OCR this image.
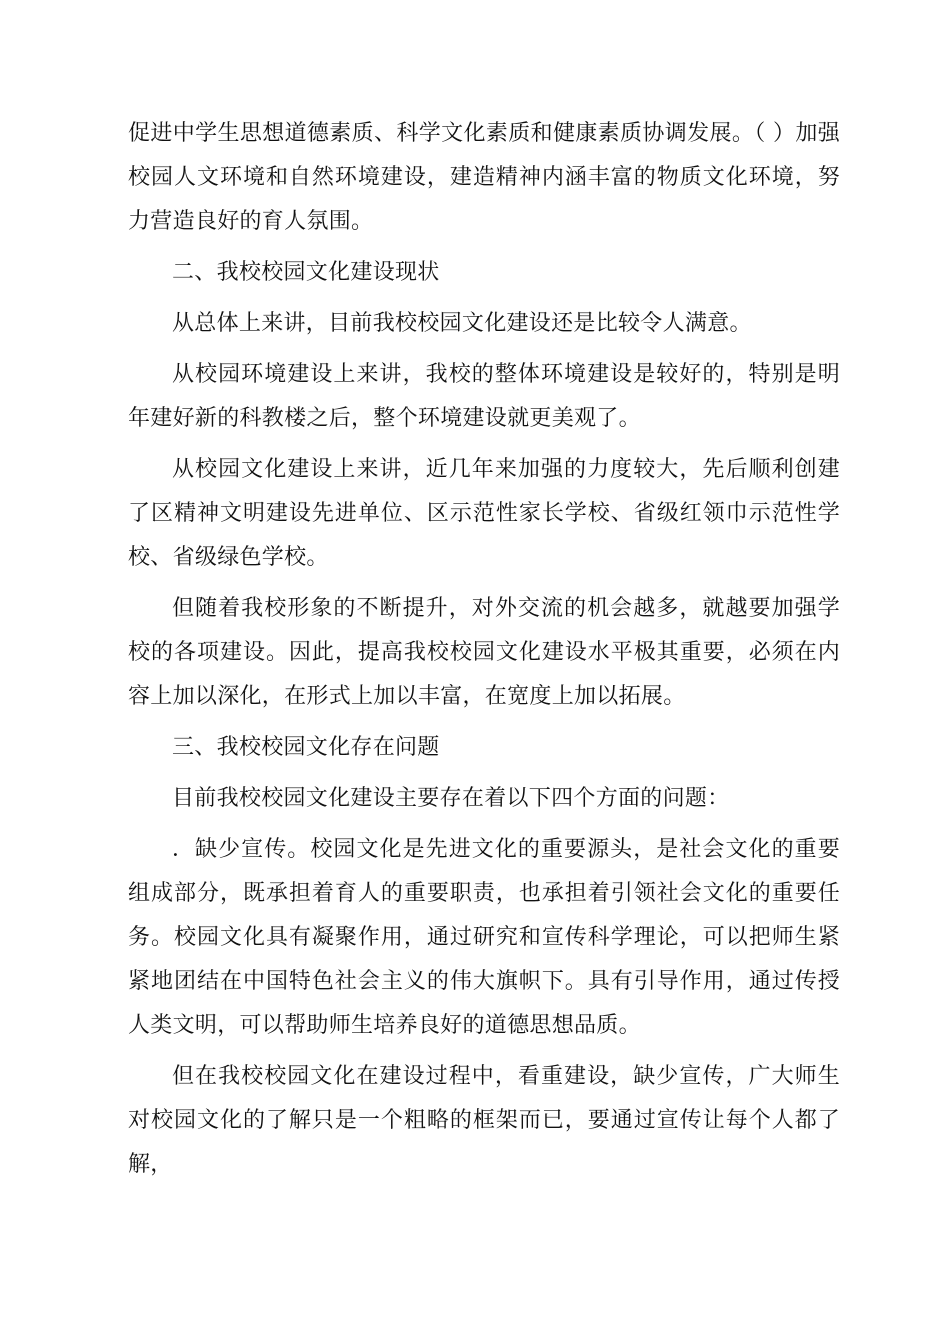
促进中学生思想道德素质、科学文化素质和健康素质协调发展。（ ）加强校园人文环境和自然环境建设，建造精神内涵丰富的物质文化环境，努力营造良好的育人氛围。

二、我校校园文化建设现状

从总体上来讲，目前我校校园文化建设还是比较令人满意。

从校园环境建设上来讲，我校的整体环境建设是较好的，特别是明年建好新的科教楼之后，整个环境建设就更美观了。

从校园文化建设上来讲，近几年来加强的力度较大，先后顺利创建了区精神文明建设先进单位、区示范性家长学校、省级红领巾示范性学校、省级绿色学校。

但随着我校形象的不断提升，对外交流的机会越多，就越要加强学校的各项建设。因此，提高我校校园文化建设水平极其重要，必须在内容上加以深化，在形式上加以丰富，在宽度上加以拓展。

三、我校校园文化存在问题

目前我校校园文化建设主要存在着以下四个方面的问题：

．缺少宣传。校园文化是先进文化的重要源头，是社会文化的重要组成部分，既承担着育人的重要职责，也承担着引领社会文化的重要任务。校园文化具有凝聚作用，通过研究和宣传科学理论，可以把师生紧紧地团结在中国特色社会主义的伟大旗帜下。具有引导作用，通过传授人类文明，可以帮助师生培养良好的道德思想品质。

但在我校校园文化在建设过程中，看重建设，缺少宣传，广大师生对校园文化的了解只是一个粗略的框架而已，要通过宣传让每个人都了解，
